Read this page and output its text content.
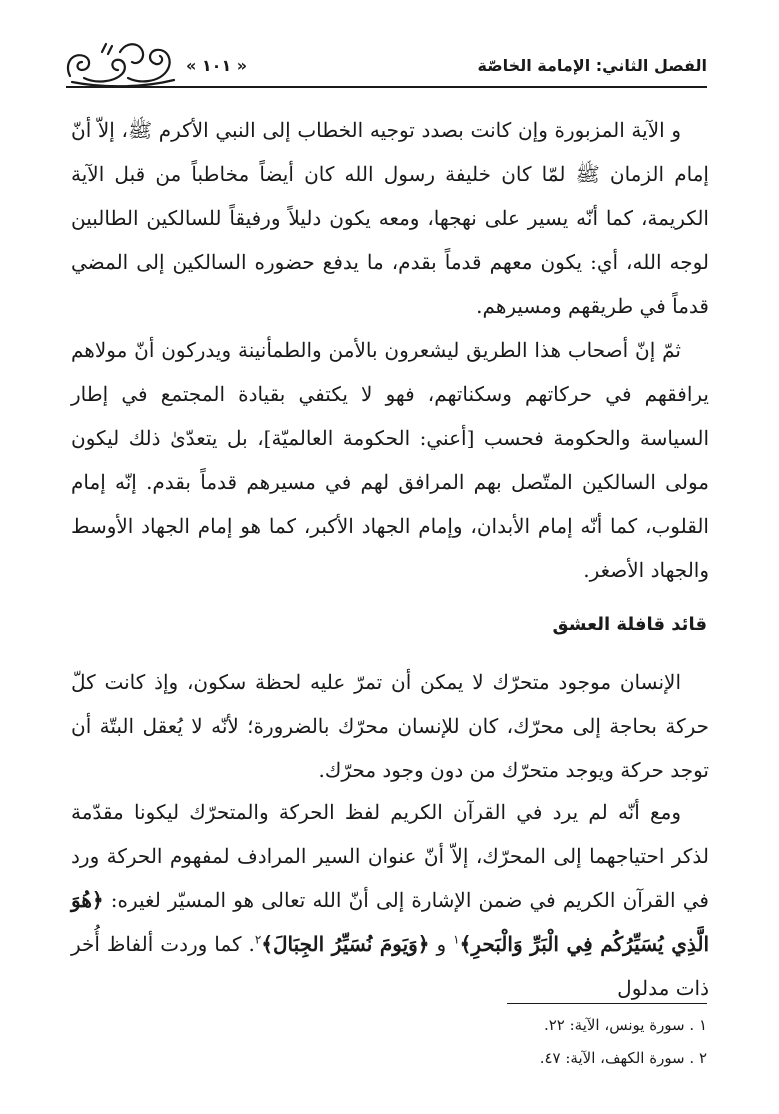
الفصل الثاني: الإمامة الخاصّة
« ١٠١ »

و الآية المزبورة وإن كانت بصدد توجيه الخطاب إلى النبي الأكرم ﷺ، إلاّ أنّ إمام الزمان ﷺ لمّا كان خليفة رسول الله كان أيضاً مخاطباً من قبل الآية الكريمة، كما أنّه يسير على نهجها، ومعه يكون دليلاً ورفيقاً للسالكين الطالبين لوجه الله، أي: يكون معهم قدماً بقدم، ما يدفع حضوره السالكين إلى المضي قدماً في طريقهم ومسيرهم.

ثمّ إنّ أصحاب هذا الطريق ليشعرون بالأمن والطمأنينة ويدركون أنّ مولاهم يرافقهم في حركاتهم وسكناتهم، فهو لا يكتفي بقيادة المجتمع في إطار السياسة والحكومة فحسب [أعني: الحكومة العالميّة]، بل يتعدّىٰ ذلك ليكون مولى السالكين المتّصل بهم المرافق لهم في مسيرهم قدماً بقدم. إنّه إمام القلوب، كما أنّه إمام الأبدان، وإمام الجهاد الأكبر، كما هو إمام الجهاد الأوسط والجهاد الأصغر.

قائد قافلة العشق

الإنسان موجود متحرّك لا يمكن أن تمرّ عليه لحظة سكون، وإذ كانت كلّ حركة بحاجة إلى محرّك، كان للإنسان محرّك بالضرورة؛ لأنّه لا يُعقل البتّة أن توجد حركة ويوجد متحرّك من دون وجود محرّك.

ومع أنّه لم يرد في القرآن الكريم لفظ الحركة والمتحرّك ليكونا مقدّمة لذكر احتياجهما إلى المحرّك، إلاّ أنّ عنوان السير المرادف لمفهوم الحركة ورد في القرآن الكريم في ضمن الإشارة إلى أنّ الله تعالى هو المسيّر لغيره: ﴿هُوَ الَّذِي يُسَيِّرُكُم فِي الْبَرِّ وَالْبَحرِ﴾$^١$ و ﴿وَيَومَ نُسَيِّرُ الجِبَالَ﴾$^٢$. كما وردت ألفاظ أُخر ذات مدلول

١ . سورة يونس، الآية: ٢٢.

٢ . سورة الكهف، الآية: ٤٧.
